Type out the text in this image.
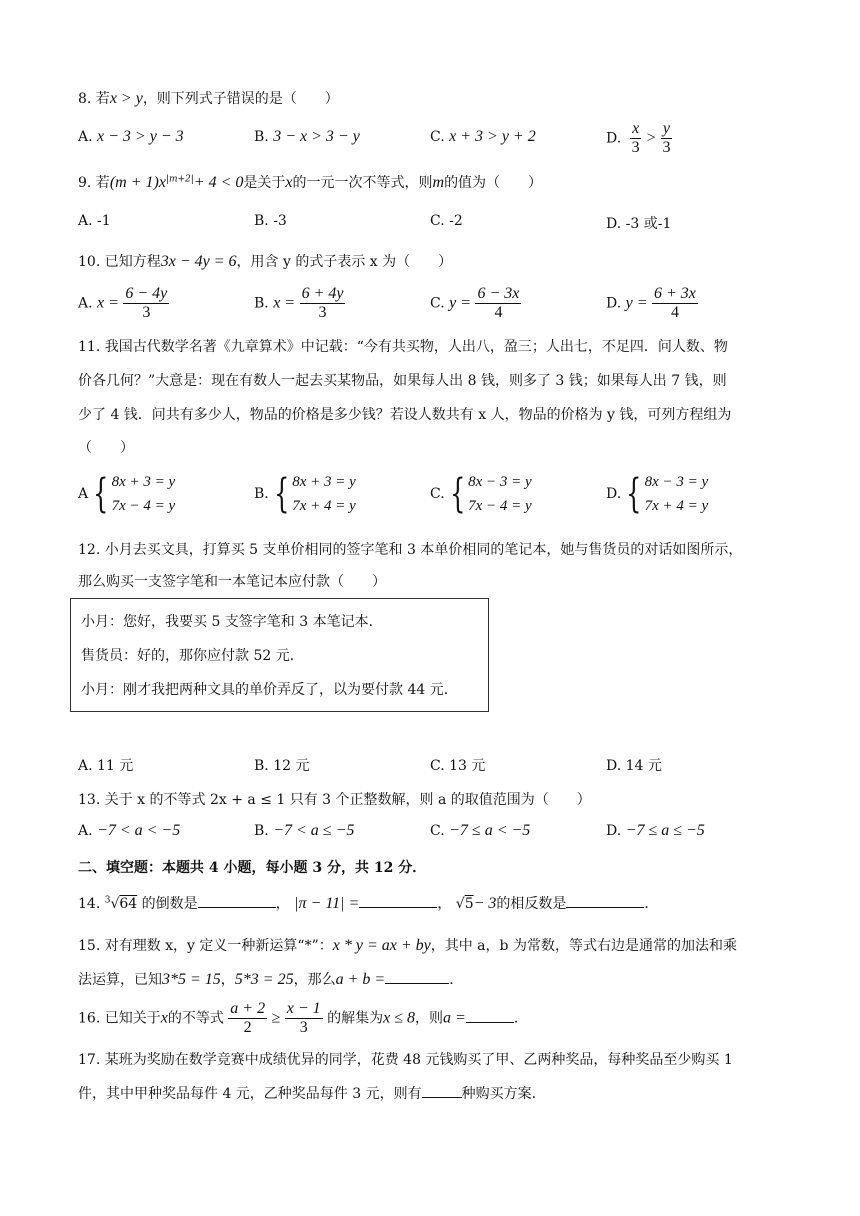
8. 若x > y，则下列式子错误的是（　　）
A. x − 3 > y − 3	B. 3 − x > 3 − y	C. x + 3 > y + 2	D. $\frac{x}{3} > \frac{y}{3}$
9. 若$(m + 1)x^{|m+2|}+ 4 < 0$是关于x的一元一次不等式，则m的值为（　　）
A. -1	B. -3	C. -2	D. -3 或-1
10. 已知方程3x − 4y = 6，用含 y 的式子表示 x 为（　　）
A. $x = \frac{6 - 4y}{3}$	B. $x = \frac{6 + 4y}{3}$	C. $y = \frac{6 - 3x}{4}$	D. $y = \frac{6 + 3x}{4}$
11. 我国古代数学名著《九章算术》中记载：“今有共买物，人出八，盈三；人出七，不足四．问人数、物
价各几何？”大意是：现在有数人一起去买某物品，如果每人出 8 钱，则多了 3 钱；如果每人出 7 钱，则
少了 4 钱．问共有多少人，物品的价格是多少钱？若设人数共有 x 人，物品的价格为 y 钱，可列方程组为
（　　）
A { 8x + 3 = y
7x − 4 = y
B. { 8x + 3 = y
7x + 4 = y
C. { 8x − 3 = y
7x − 4 = y
D. { 8x − 3 = y
7x + 4 = y
12. 小月去买文具，打算买 5 支单价相同的签字笔和 3 本单价相同的笔记本，她与售货员的对话如图所示，
那么购买一支签字笔和一本笔记本应付款（　　）
小月：您好，我要买 5 支签字笔和 3 本笔记本．
售货员：好的，那你应付款 52 元．
小月：刚才我把两种文具的单价弄反了，以为要付款 44 元．
A. 11 元	B. 12 元	C. 13 元	D. 14 元
13. 关于 x 的不等式 2x + a ≤ 1 只有 3 个正整数解，则 a 的取值范围为（　　）
A. −7 < a < −5	B. −7 < a ≤ −5	C. −7 ≤ a < −5	D. −7 ≤ a ≤ −5
二、填空题：本题共 4 小题，每小题 3 分，共 12 分．
14. $^3$√64 的倒数是	， |π − 11| =	， √5− 3的相反数是	．
15. 对有理数 x，y 定义一种新运算“*”：x * y = ax + by，其中 a，b 为常数，等式右边是通常的加法和乘
法运算，已知3*5 = 15，5*3 = 25，那么a + b =	．
16. 已知关于x的不等式 $\frac{a + 2}{2} \ge \frac{x - 1}{3}$ 的解集为x ≤ 8，则a =	．
17. 某班为奖励在数学竞赛中成绩优异的同学，花费 48 元钱购买了甲、乙两种奖品，每种奖品至少购买 1
件，其中甲种奖品每件 4 元，乙种奖品每件 3 元，则有	种购买方案．
